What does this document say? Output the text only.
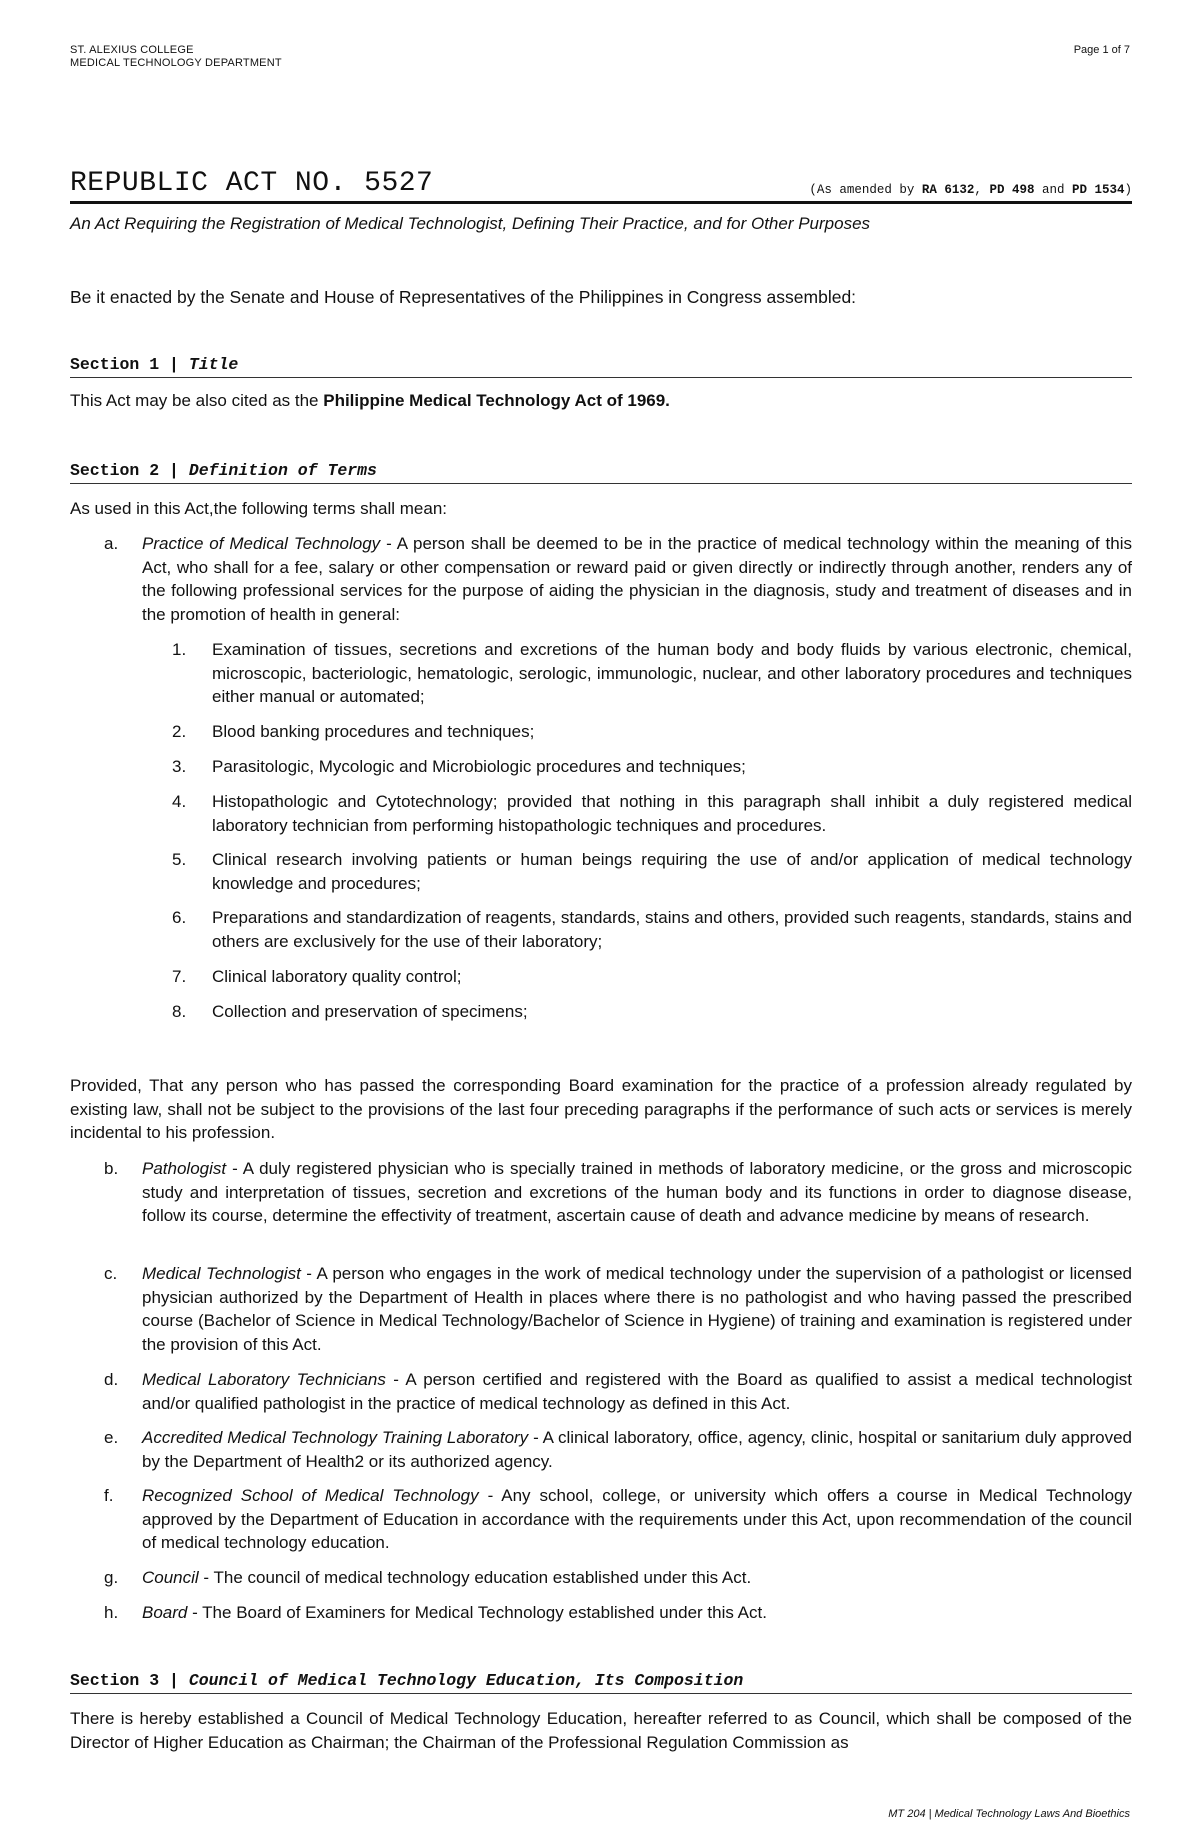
ST. ALEXIUS COLLEGE
MEDICAL TECHNOLOGY DEPARTMENT
Page 1 of 7
REPUBLIC ACT NO. 5527	(As amended by RA 6132, PD 498 and PD 1534)
An Act Requiring the Registration of Medical Technologist, Defining Their Practice, and for Other Purposes
Be it enacted by the Senate and House of Representatives of the Philippines in Congress assembled:
Section 1 | Title
This Act may be also cited as the Philippine Medical Technology Act of 1969.
Section 2 | Definition of Terms
As used in this Act,the following terms shall mean:
a. Practice of Medical Technology - A person shall be deemed to be in the practice of medical technology within the meaning of this Act, who shall for a fee, salary or other compensation or reward paid or given directly or indirectly through another, renders any of the following professional services for the purpose of aiding the physician in the diagnosis, study and treatment of diseases and in the promotion of health in general:
1. Examination of tissues, secretions and excretions of the human body and body fluids by various electronic, chemical, microscopic, bacteriologic, hematologic, serologic, immunologic, nuclear, and other laboratory procedures and techniques either manual or automated;
2. Blood banking procedures and techniques;
3. Parasitologic, Mycologic and Microbiologic procedures and techniques;
4. Histopathologic and Cytotechnology; provided that nothing in this paragraph shall inhibit a duly registered medical laboratory technician from performing histopathologic techniques and procedures.
5. Clinical research involving patients or human beings requiring the use of and/or application of medical technology knowledge and procedures;
6. Preparations and standardization of reagents, standards, stains and others, provided such reagents, standards, stains and others are exclusively for the use of their laboratory;
7. Clinical laboratory quality control;
8. Collection and preservation of specimens;
Provided, That any person who has passed the corresponding Board examination for the practice of a profession already regulated by existing law, shall not be subject to the provisions of the last four preceding paragraphs if the performance of such acts or services is merely incidental to his profession.
b. Pathologist - A duly registered physician who is specially trained in methods of laboratory medicine, or the gross and microscopic study and interpretation of tissues, secretion and excretions of the human body and its functions in order to diagnose disease, follow its course, determine the effectivity of treatment, ascertain cause of death and advance medicine by means of research.
c. Medical Technologist - A person who engages in the work of medical technology under the supervision of a pathologist or licensed physician authorized by the Department of Health in places where there is no pathologist and who having passed the prescribed course (Bachelor of Science in Medical Technology/Bachelor of Science in Hygiene) of training and examination is registered under the provision of this Act.
d. Medical Laboratory Technicians - A person certified and registered with the Board as qualified to assist a medical technologist and/or qualified pathologist in the practice of medical technology as defined in this Act.
e. Accredited Medical Technology Training Laboratory - A clinical laboratory, office, agency, clinic, hospital or sanitarium duly approved by the Department of Health2 or its authorized agency.
f. Recognized School of Medical Technology - Any school, college, or university which offers a course in Medical Technology approved by the Department of Education in accordance with the requirements under this Act, upon recommendation of the council of medical technology education.
g. Council - The council of medical technology education established under this Act.
h. Board - The Board of Examiners for Medical Technology established under this Act.
Section 3 | Council of Medical Technology Education, Its Composition
There is hereby established a Council of Medical Technology Education, hereafter referred to as Council, which shall be composed of the Director of Higher Education as Chairman; the Chairman of the Professional Regulation Commission as
MT 204 | Medical Technology Laws And Bioethics
